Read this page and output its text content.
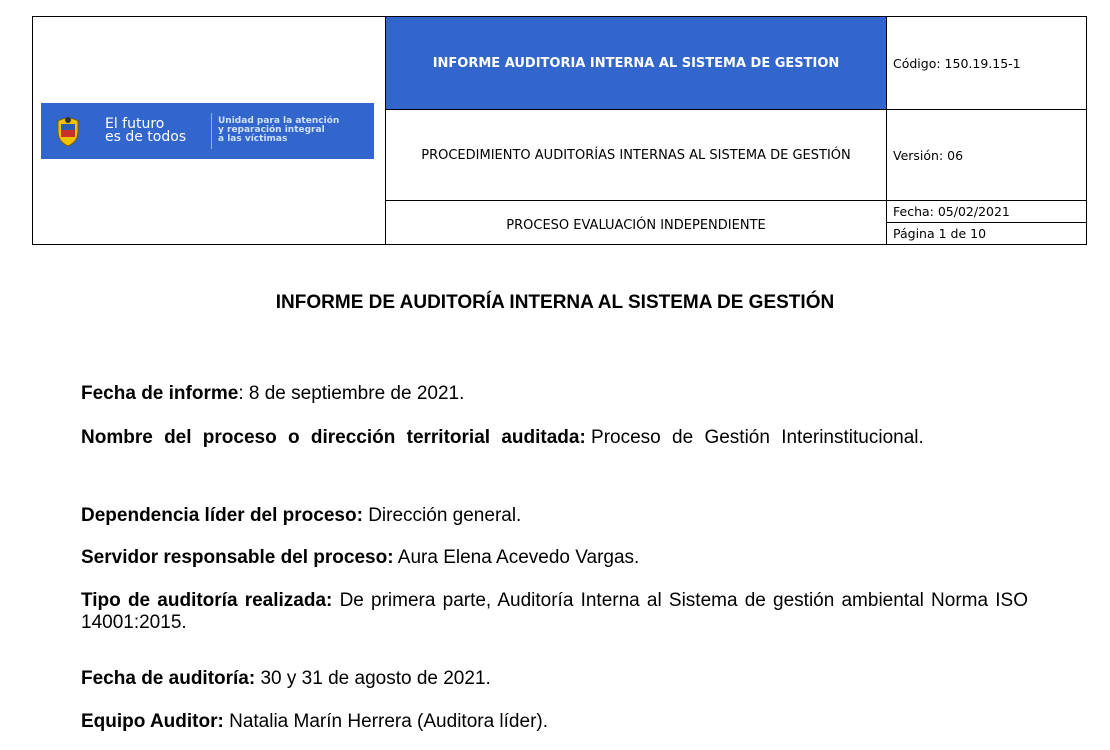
El futuro
es de todos
Unidad para la atención
y reparación integral
a las víctimas	INFORME AUDITORIA INTERNA AL SISTEMA DE GESTION	Código: 150.19.15-1
	PROCEDIMIENTO AUDITORÍAS INTERNAS AL SISTEMA DE GESTIÓN	Versión: 06
	PROCESO EVALUACIÓN INDEPENDIENTE	Fecha: 05/02/2021
		Página 1 de 10
INFORME DE AUDITORÍA INTERNA AL SISTEMA DE GESTIÓN
Fecha de informe: 8 de septiembre de 2021.
Nombre del proceso o dirección territorial auditada: Proceso de Gestión Interinstitucional.
Dependencia líder del proceso: Dirección general.
Servidor responsable del proceso: Aura Elena Acevedo Vargas.
Tipo de auditoría realizada: De primera parte, Auditoría Interna al Sistema de gestión ambiental Norma ISO 14001:2015.
Fecha de auditoría: 30 y 31 de agosto de 2021.
Equipo Auditor: Natalia Marín Herrera (Auditora líder).
